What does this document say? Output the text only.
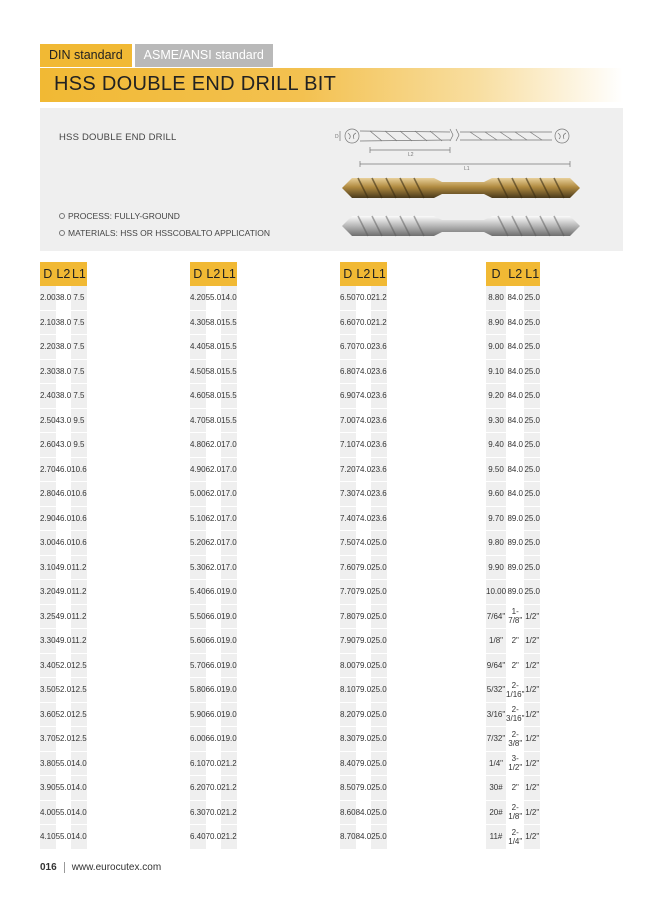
DIN standard	ASME/ANSI standard
HSS DOUBLE END DRILL BIT
HSS DOUBLE END DRILL	D
L2
L1
PROCESS: FULLY-GROUND
MATERIALS: HSS OR HSSCOBALTO APPLICATION
D	L2	L1
2.00	38.0	7.5
2.10	38.0	7.5
2.20	38.0	7.5
2.30	38.0	7.5
2.40	38.0	7.5
2.50	43.0	9.5
2.60	43.0	9.5
2.70	46.0	10.6
2.80	46.0	10.6
2.90	46.0	10.6
3.00	46.0	10.6
3.10	49.0	11.2
3.20	49.0	11.2
3.25	49.0	11.2
3.30	49.0	11.2
3.40	52.0	12.5
3.50	52.0	12.5
3.60	52.0	12.5
3.70	52.0	12.5
3.80	55.0	14.0
3.90	55.0	14.0
4.00	55.0	14.0
4.10	55.0	14.0
D	L2	L1
4.20	55.0	14.0
4.30	58.0	15.5
4.40	58.0	15.5
4.50	58.0	15.5
4.60	58.0	15.5
4.70	58.0	15.5
4.80	62.0	17.0
4.90	62.0	17.0
5.00	62.0	17.0
5.10	62.0	17.0
5.20	62.0	17.0
5.30	62.0	17.0
5.40	66.0	19.0
5.50	66.0	19.0
5.60	66.0	19.0
5.70	66.0	19.0
5.80	66.0	19.0
5.90	66.0	19.0
6.00	66.0	19.0
6.10	70.0	21.2
6.20	70.0	21.2
6.30	70.0	21.2
6.40	70.0	21.2
D	L2	L1
6.50	70.0	21.2
6.60	70.0	21.2
6.70	70.0	23.6
6.80	74.0	23.6
6.90	74.0	23.6
7.00	74.0	23.6
7.10	74.0	23.6
7.20	74.0	23.6
7.30	74.0	23.6
7.40	74.0	23.6
7.50	74.0	25.0
7.60	79.0	25.0
7.70	79.0	25.0
7.80	79.0	25.0
7.90	79.0	25.0
8.00	79.0	25.0
8.10	79.0	25.0
8.20	79.0	25.0
8.30	79.0	25.0
8.40	79.0	25.0
8.50	79.0	25.0
8.60	84.0	25.0
8.70	84.0	25.0
D	L2	L1
8.80	84.0	25.0
8.90	84.0	25.0
9.00	84.0	25.0
9.10	84.0	25.0
9.20	84.0	25.0
9.30	84.0	25.0
9.40	84.0	25.0
9.50	84.0	25.0
9.60	84.0	25.0
9.70	89.0	25.0
9.80	89.0	25.0
9.90	89.0	25.0
10.00	89.0	25.0
7/64"	1-7/8"	1/2"
1/8"	2"	1/2"
9/64"	2"	1/2"
5/32"	2-1/16"	1/2"
3/16"	2-3/16"	1/2"
7/32"	2-3/8"	1/2"
1/4"	3-1/2"	1/2"
30#	2"	1/2"
20#	2-1/8"	1/2"
11#	2-1/4"	1/2"
016 www.eurocutex.com
